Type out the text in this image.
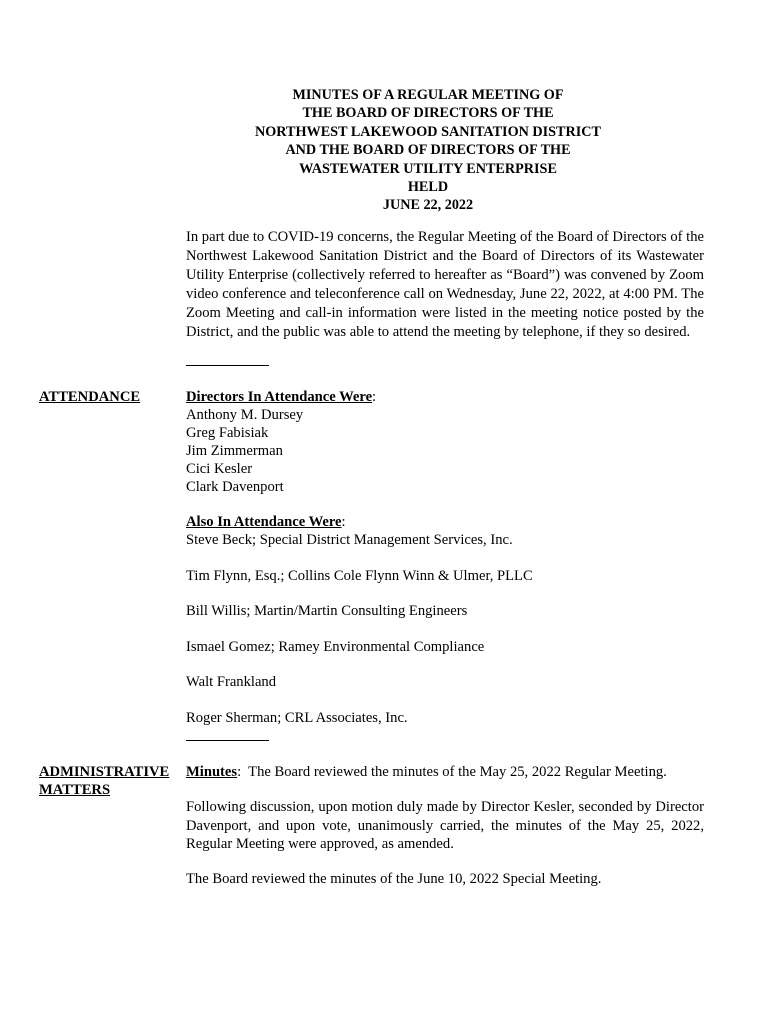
MINUTES OF A REGULAR MEETING OF
THE BOARD OF DIRECTORS OF THE
NORTHWEST LAKEWOOD SANITATION DISTRICT
AND THE BOARD OF DIRECTORS OF THE
WASTEWATER UTILITY ENTERPRISE
HELD
JUNE 22, 2022
In part due to COVID-19 concerns, the Regular Meeting of the Board of Directors of the Northwest Lakewood Sanitation District and the Board of Directors of its Wastewater Utility Enterprise (collectively referred to hereafter as “Board”) was convened by Zoom video conference and teleconference call on Wednesday, June 22, 2022, at 4:00 PM. The Zoom Meeting and call-in information were listed in the meeting notice posted by the District, and the public was able to attend the meeting by telephone, if they so desired.
ATTENDANCE	Directors In Attendance Were:
Anthony M. Dursey
Greg Fabisiak
Jim Zimmerman
Cici Kesler
Clark Davenport
Also In Attendance Were:
Steve Beck; Special District Management Services, Inc.
Tim Flynn, Esq.; Collins Cole Flynn Winn & Ulmer, PLLC
Bill Willis; Martin/Martin Consulting Engineers
Ismael Gomez; Ramey Environmental Compliance
Walt Frankland
Roger Sherman; CRL Associates, Inc.
ADMINISTRATIVE
MATTERS
Minutes:  The Board reviewed the minutes of the May 25, 2022 Regular Meeting.
Following discussion, upon motion duly made by Director Kesler, seconded by Director Davenport, and upon vote, unanimously carried, the minutes of the May 25, 2022, Regular Meeting were approved, as amended.
The Board reviewed the minutes of the June 10, 2022 Special Meeting.
